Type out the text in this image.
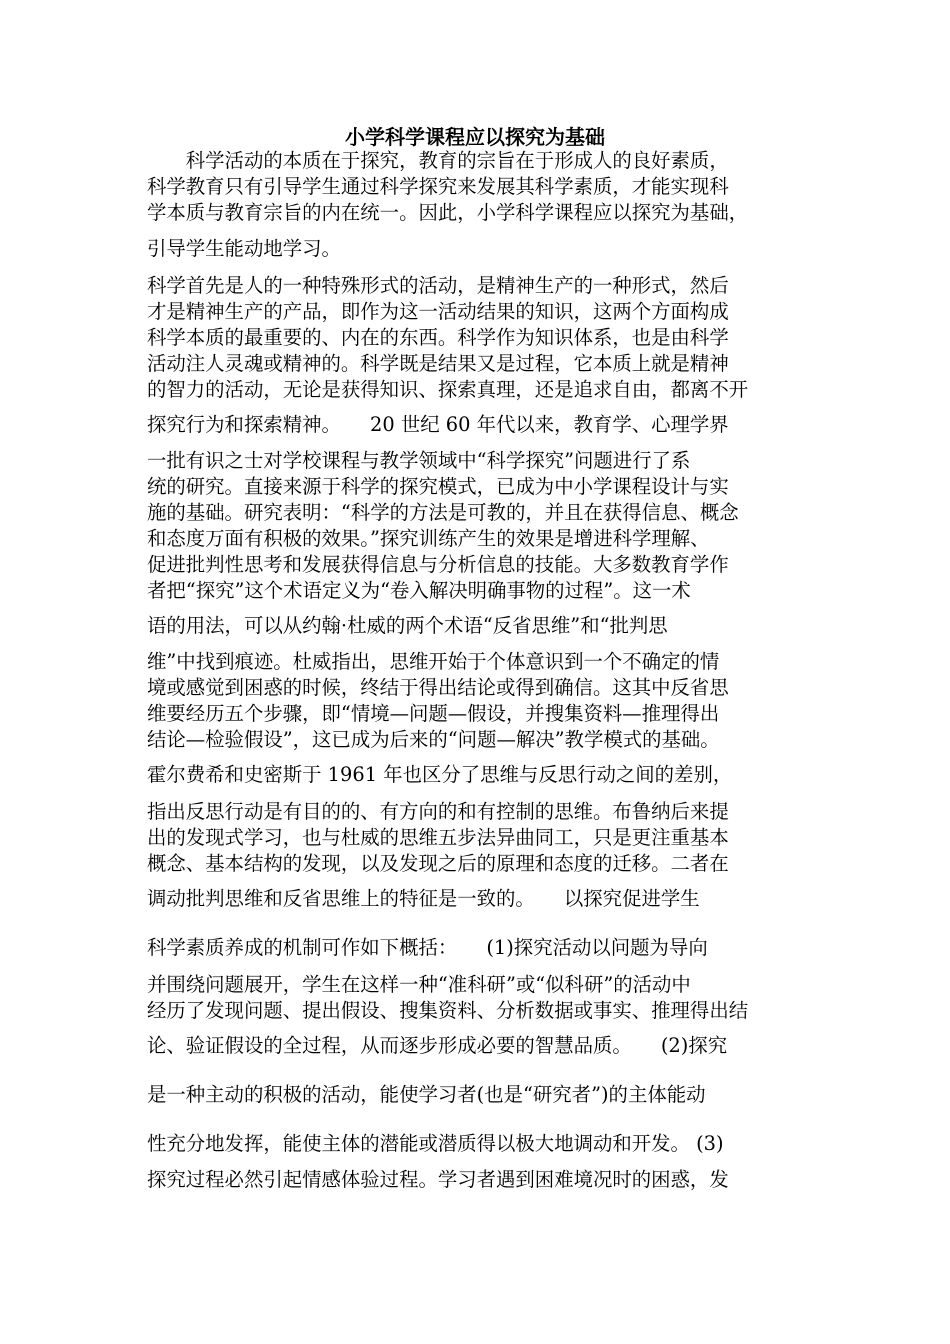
小学科学课程应以探究为基础
　　科学活动的本质在于探究，教育的宗旨在于形成人的良好素质，
科学教育只有引导学生通过科学探究来发展其科学素质，才能实现科
学本质与教育宗旨的内在统一。因此，小学科学课程应以探究为基础，
引导学生能动地学习。
科学首先是人的一种特殊形式的活动，是精神生产的一种形式，然后
才是精神生产的产品，即作为这一活动结果的知识，这两个方面构成
科学本质的最重要的、内在的东西。科学作为知识体系，也是由科学
活动注人灵魂或精神的。科学既是结果又是过程，它本质上就是精神
的智力的活动，无论是获得知识、探索真理，还是追求自由，都离不开
探究行为和探索精神。　　20 世纪 60 年代以来，教育学、心理学界
一批有识之士对学校课程与教学领域中“科学探究”问题进行了系
统的研究。直接来源于科学的探究模式，已成为中小学课程设计与实
施的基础。研究表明：“科学的方法是可教的，并且在获得信息、概念
和态度万面有积极的效果。”探究训练产生的效果是增进科学理解、
促进批判性思考和发展获得信息与分析信息的技能。大多数教育学作
者把“探究”这个术语定义为“卷入解决明确事物的过程”。这一术
语的用法，可以从约翰·杜威的两个术语“反省思维”和“批判思
维”中找到痕迹。杜威指出，思维开始于个体意识到一个不确定的情
境或感觉到困惑的时候，终结于得出结论或得到确信。这其中反省思
维要经历五个步骤，即“情境—问题—假设，并搜集资料—推理得出
结论—检验假设”，这已成为后来的“问题—解决”教学模式的基础。
霍尔费希和史密斯于 1961 年也区分了思维与反思行动之间的差别，
指出反思行动是有目的的、有方向的和有控制的思维。布鲁纳后来提
出的发现式学习，也与杜威的思维五步法异曲同工，只是更注重基本
概念、基本结构的发现，以及发现之后的原理和态度的迁移。二者在
调动批判思维和反省思维上的特征是一致的。　　以探究促进学生
科学素质养成的机制可作如下概括：　　(1)探究活动以问题为导向
并围绕问题展开，学生在这样一种“准科研”或“似科研”的活动中
经历了发现问题、提出假设、搜集资料、分析数据或事实、推理得出结
论、验证假设的全过程，从而逐步形成必要的智慧品质。　　(2)探究
是一种主动的积极的活动，能使学习者(也是“研究者”)的主体能动
性充分地发挥，能使主体的潜能或潜质得以极大地调动和开发。 (3)
探究过程必然引起情感体验过程。学习者遇到困难境况时的困惑，发
